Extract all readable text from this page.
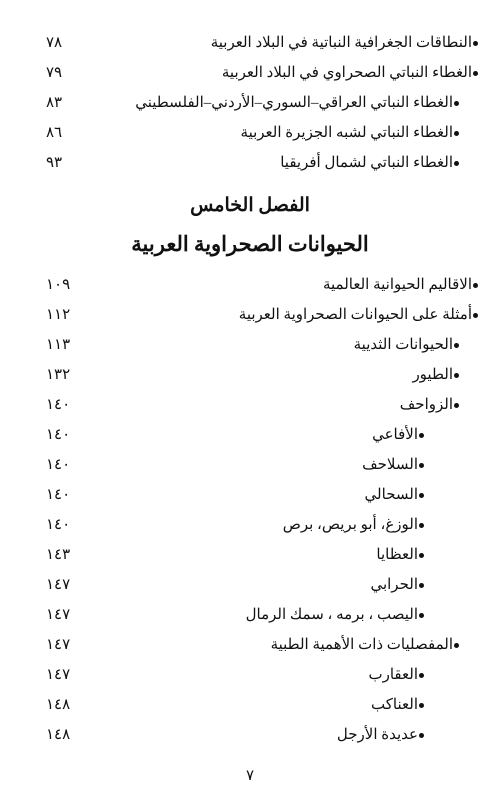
النطاقات الجغرافية النباتية في البلاد العربية
٧٨
الغطاء النباتي الصحراوي في البلاد العربية
٧٩
الغطاء النباتي العراقي–السوري–الأردني–الفلسطيني
٨٣
الغطاء النباتي لشبه الجزيرة العربية
٨٦
الغطاء النباتي لشمال أفريقيا
٩٣
الفصل الخامس
الحيوانات الصحراوية العربية
الاقاليم الحيوانية العالمية
١٠٩
أمثلة على الحيوانات الصحراوية العربية
١١٢
الحيوانات الثديية
١١٣
الطيور
١٣٢
الزواحف
١٤٠
الأفاعي
١٤٠
السلاحف
١٤٠
السحالي
١٤٠
الوزغ، أبو بريص، برص
١٤٠
العظايا
١٤٣
الحرابي
١٤٧
اليصب ، برمه ، سمك الرمال
١٤٧
المفصليات ذات الأهمية الطبية
١٤٧
العقارب
١٤٧
العناكب
١٤٨
عديدة الأرجل
١٤٨
٧
